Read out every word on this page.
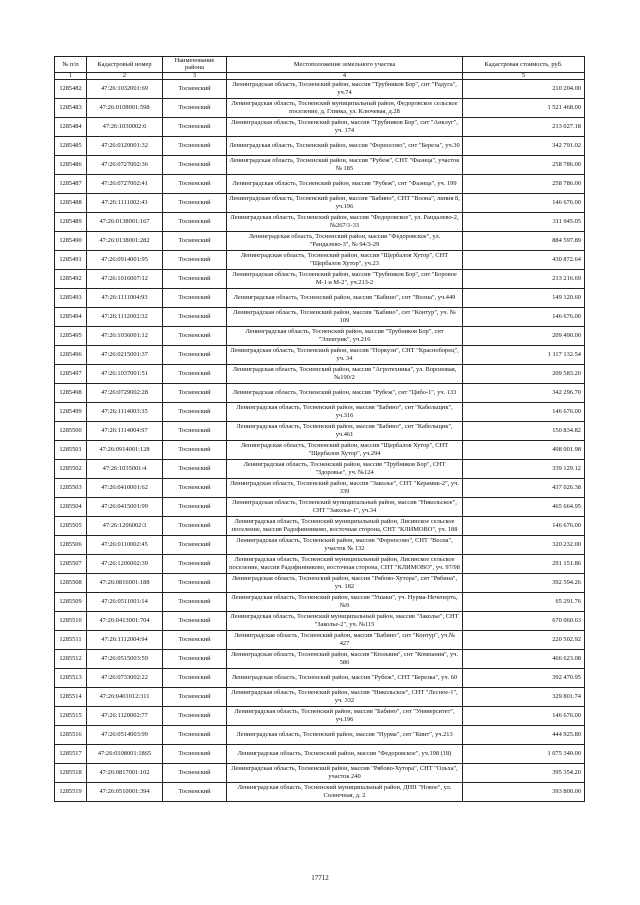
№ п/п	Кадастровый номер	Наименование района	Местоположение земельного участка	Кадастровая стоимость, руб.
1	2	3	4	5
1285482	47:26:1032001:69	Тосненский	Ленинградская область, Тосненский район, массив "Трубников Бор", снт "Радуга", уч.74	210 204.00
1285483	47:26:0108001:598	Тосненский	Ленинградская область, Тосненский муниципальный район, Федоровское сельское поселение, д. Глинка, ул. Ключевая, д.28	1 521 468.00
1285484	47:26:1030002:6	Тосненский	Ленинградская область, Тосненский район, массив "Трубников Бор", снт "Анклуг", уч. 174	213 027.18
1285485	47:26:0120001:32	Тосненский	Ленинградская область, Тосненский район, массив "Форносово", снт "Береза", уч.30	342 791.02
1285486	47:26:0727002:36	Тосненский	Ленинградская область, Тосненский район, массив "Рубеж", СНТ "Фаэнца", участок № 185	258 786.00
1285487	47:26:0727002:41	Тосненский	Ленинградская область, Тосненский район, массив "Рубеж", снт "Фаэнца", уч. 199	258 786.00
1285488	47:26:1111002:43	Тосненский	Ленинградская область, Тосненский район, массив "Бабино", СНТ "Волна", линия 8, уч.196	146 676.00
1285489	47:26:0138001:167	Тосненский	Ленинградская область, Тосненский район, массив "Федоровское", ул. Рандалево-2, №267/1-33	311 945.05
1285490	47:26:0138001:282	Тосненский	Ленинградская область, Тосненский район, массив "Федоровское", ул. "Рандалево-3", № 94/3-29	884 597.89
1285491	47:26:0914001:95	Тосненский	Ленинградская область, Тосненский район, массив "Щербалов Хутор", СНТ "Щербалов Хутор", уч.23	430 872.64
1285492	47:26:1016007:12	Тосненский	Ленинградская область, Тосненский район, массив "Трубников Бор", снт "Боровое М-1 и М-2", уч.213-2	213 216.69
1285493	47:26:1111004:93	Тосненский	Ленинградская область, Тосненский район, массив "Бабино", снт "Волна", уч.449	149 120.60
1285494	47:26:1112002:32	Тосненский	Ленинградская область, Тосненский район, массив "Бабино", снт "Контур", уч. № 109	146 676.00
1285495	47:26:1036001:12	Тосненский	Ленинградская область, Тосненский район, массив "Трубников Бор", снт "Электрик", уч.216	209 490.00
1285496	47:26:0215001:37	Тосненский	Ленинградская область, Тосненский район, массив "Поркузи", СНТ "Красноборец", уч. 34	1 117 132.54
1285497	47:26:1037001:51	Тосненский	Ленинградская область, Тосненский район, массив "Агротехника", ул. Вороновая, №190/2	209 583.20
1285498	47:26:0729002:28	Тосненский	Ленинградская область, Тосненский район, массив "Рубеж", снт "Цибо-1", уч. 133	342 296.70
1285499	47:26:1114003:35	Тосненский	Ленинградская область, Тосненский район, массив "Бабино", снт "Кабельщик", уч.316	146 676.00
1285500	47:26:1114004:97	Тосненский	Ленинградская область, Тосненский район, массив "Бабино", снт "Кабельщик", уч.461	150 834.82
1285501	47:26:0914001:128	Тосненский	Ленинградская область, Тосненский район, массив "Щербалов Хутор", СНТ "Щербалов Хутор", уч.294	498 001.98
1285502	47:26:1035001:4	Тосненский	Ленинградская область, Тосненский район, массив "Трубников Бор", СНТ "Здоровье", уч. №124	339 129.12
1285503	47:26:0410001:62	Тосненский	Ленинградская область, Тосненский район, массив "Заколье", СНТ "Керамик-2", уч. 339	437 026.38
1285504	47:26:0415001:99	Тосненский	Ленинградская область, Тосненский муниципальный район, массив "Никольское", СНТ "Заколье-1", уч.34	465 664.95
1285505	47:26:1206002:3	Тосненский	Ленинградская область, Тосненский муниципальный район, Лисинское сельское поселение, массив Радофинниково, восточная сторона, СНТ "КЛИМОВО", уч. 188	146 676.00
1285506	47:26:0110002:45	Тосненский	Ленинградская область, Тосненский район, массив "Форносово", СНТ "Весна", участок № 132	320 232.00
1285507	47:26:1206002:39	Тосненский	Ленинградская область, Тосненский муниципальный район, Лисинское сельское поселение, массив Радофинниково, восточная сторона, СНТ "КЛИМОВО", уч. 97/98	291 151.86
1285508	47:26:0816001:188	Тосненский	Ленинградская область, Тосненский район, массив "Рябово-Хутора", снт "Рябина", уч. 182	392 594.26
1285509	47:26:0511001:14	Тосненский	Ленинградская область, Тосненский район, массив "Ушаки", уч. Нурма-Нечеперть, №9	65 291.76
1285510	47:26:0413001:704	Тосненский	Ленинградская область, Тосненский муниципальный район, массив "Заколье", СНТ "Заколье-2", уч. №115	670 060.63
1285511	47:26:1112004:94	Тосненский	Ленинградская область, Тосненский район, массив "Бабино", снт "Контур", уч.№ 427	220 502.92
1285512	47:26:0515003:59	Тосненский	Ленинградская область, Тосненский район, массив "Кюльвия", снт "Компания", уч. 586	466 623.08
1285513	47:26:0733002:22	Тосненский	Ленинградская область, Тосненский район, массив "Рубеж", СНТ "Березка", уч. 60	392 470.95
1285514	47:26:0401012:311	Тосненский	Ленинградская область, Тосненский район, массив "Никольское", СНТ "Лесное-1", уч. 332	329 801.74
1285515	47:26:1120002:77	Тосненский	Ленинградская область, Тосненский район, массив "Бабино", снт "Университет", уч.196	146 676.00
1285516	47:26:0514003:99	Тосненский	Ленинградская область, Тосненский район, массив "Нурма", снт "Квит", уч.213	444 925.80
1285517	47:26:0108001:1865	Тосненский	Ленинградская область, Тосненский район, массив "Федоровское", уч.198 (18)	1 075 340.00
1285518	47:26:0817001:102	Тосненский	Ленинградская область, Тосненский район, массив "Рябово-Хутора", СНТ "Ольха", участок 240	395 354.20
1285519	47:26:0510001:394	Тосненский	Ленинградская область, Тосненский муниципальный район, ДНП "Новое", ул. Солнечная, д. 2	393 800.00
17712
